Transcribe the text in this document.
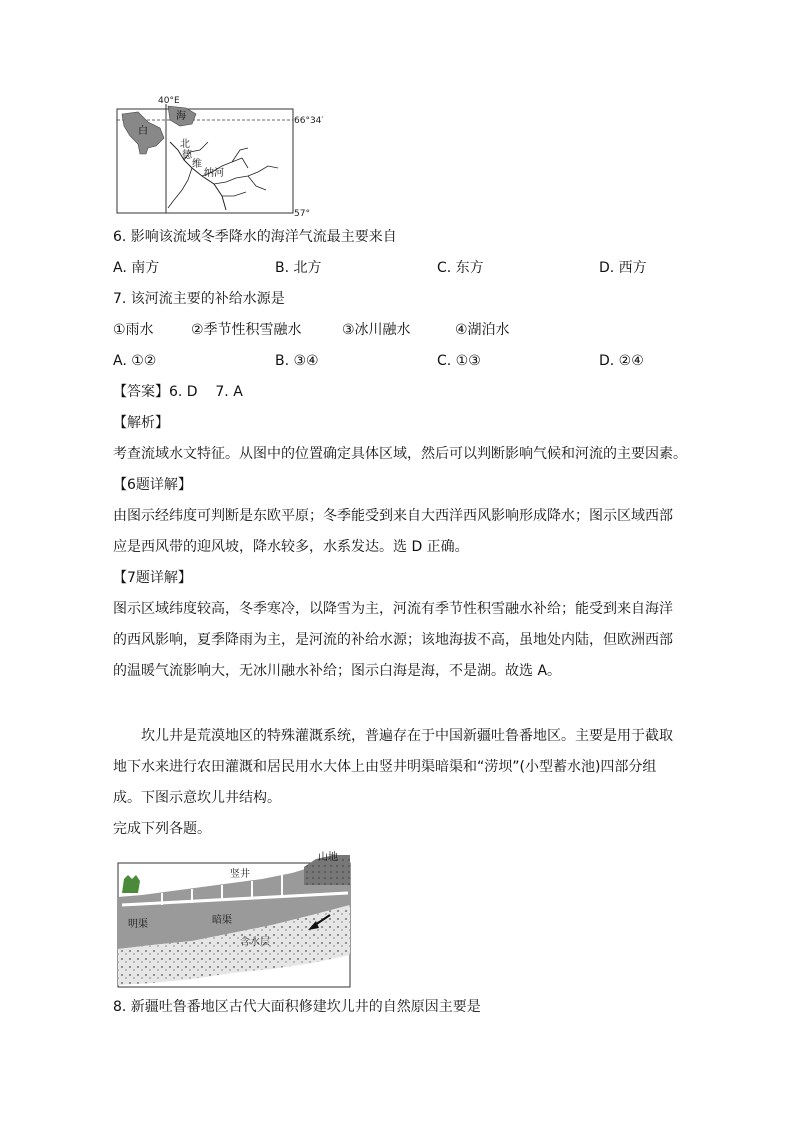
40°E
66°34′
57°
海
白
北
德
维
纳河
6. 影响该流域冬季降水的海洋气流最主要来自
A. 南方	B. 北方	C. 东方	D. 西方
7. 该河流主要的补给水源是
①雨水	②季节性积雪融水	③冰川融水	④湖泊水
A. ①②	B. ③④	C. ①③	D. ②④
【答案】6. D    7. A
【解析】
考查流域水文特征。从图中的位置确定具体区域，然后可以判断影响气候和河流的主要因素。
【6题详解】
由图示经纬度可判断是东欧平原；冬季能受到来自大西洋西风影响形成降水；图示区域西部
应是西风带的迎风坡，降水较多，水系发达。选 D 正确。
【7题详解】
图示区域纬度较高，冬季寒冷，以降雪为主，河流有季节性积雪融水补给；能受到来自海洋
的西风影响，夏季降雨为主，是河流的补给水源；该地海拔不高，虽地处内陆，但欧洲西部
的温暖气流影响大，无冰川融水补给；图示白海是海，不是湖。故选 A。
坎儿井是荒漠地区的特殊灌溉系统，普遍存在于中国新疆吐鲁番地区。主要是用于截取
地下水来进行农田灌溉和居民用水大体上由竖井明渠暗渠和“涝坝”(小型蓄水池)四部分组
成。下图示意坎儿井结构。
完成下列各题。
山地
竖井
明渠	暗渠
含水层
8. 新疆吐鲁番地区古代大面积修建坎儿井的自然原因主要是
